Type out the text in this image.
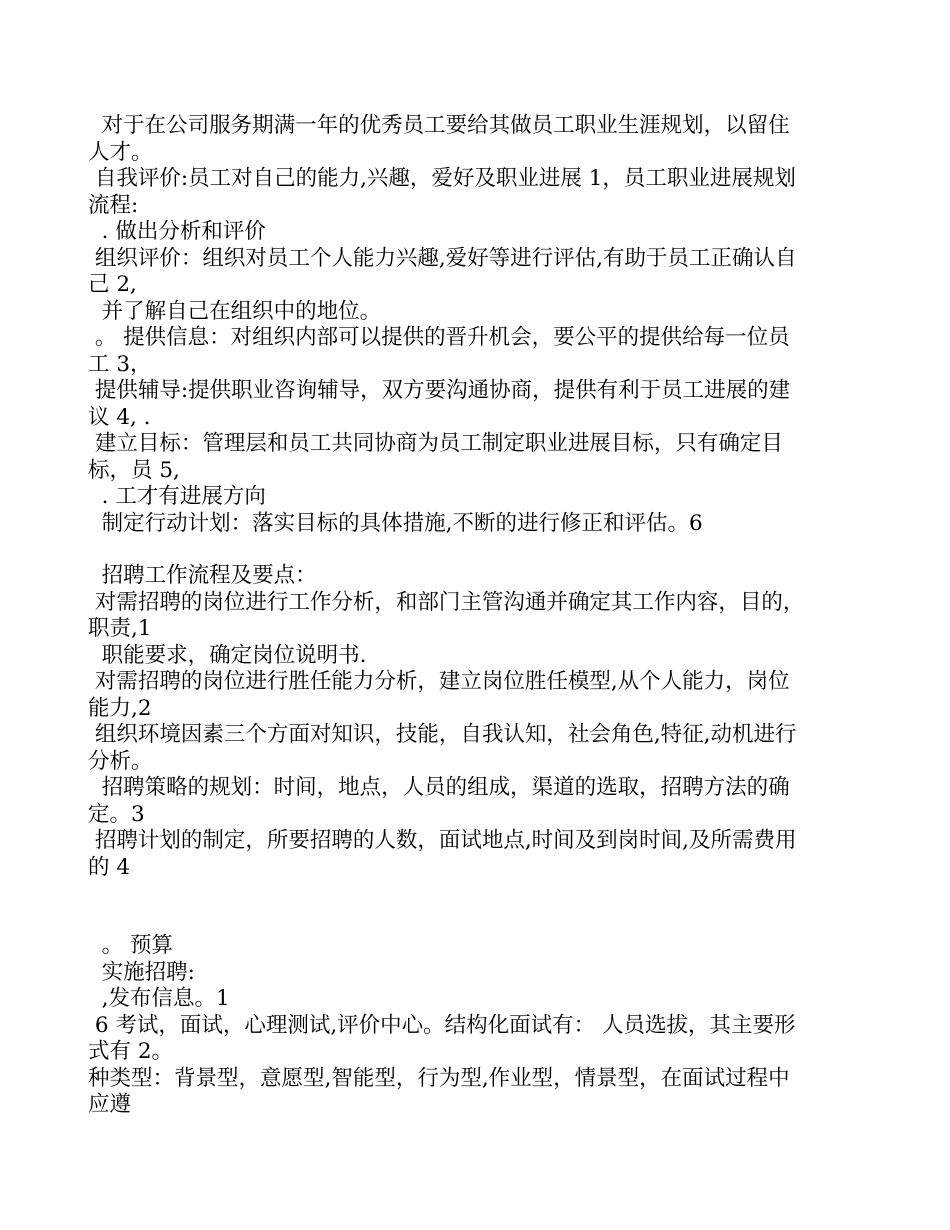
对于在公司服务期满一年的优秀员工要给其做员工职业生涯规划，以留住

人才。

自我评价:员工对自己的能力,兴趣，爱好及职业进展 1，员工职业进展规划

流程:

. 做出分析和评价

组织评价：组织对员工个人能力兴趣,爱好等进行评估,有助于员工正确认自

己 2,

并了解自己在组织中的地位。

。 提供信息：对组织内部可以提供的晋升机会，要公平的提供给每一位员

工 3，

提供辅导:提供职业咨询辅导，双方要沟通协商，提供有利于员工进展的建

议 4, .

建立目标：管理层和员工共同协商为员工制定职业进展目标，只有确定目

标，员 5,

. 工才有进展方向

制定行动计划：落实目标的具体措施,不断的进行修正和评估。6

招聘工作流程及要点：

对需招聘的岗位进行工作分析，和部门主管沟通并确定其工作内容，目的，

职责,1

职能要求，确定岗位说明书.

对需招聘的岗位进行胜任能力分析，建立岗位胜任模型,从个人能力，岗位

能力,2

组织环境因素三个方面对知识，技能，自我认知，社会角色,特征,动机进行

分析。

招聘策略的规划：时间，地点，人员的组成，渠道的选取，招聘方法的确

定。3

招聘计划的制定，所要招聘的人数，面试地点,时间及到岗时间,及所需费用

的 4

。 预算

实施招聘:

,发布信息。1

6 考试，面试，心理测试,评价中心。结构化面试有： 人员选拔，其主要形

式有 2。

种类型：背景型，意愿型,智能型，行为型,作业型，情景型，在面试过程中

应遵
